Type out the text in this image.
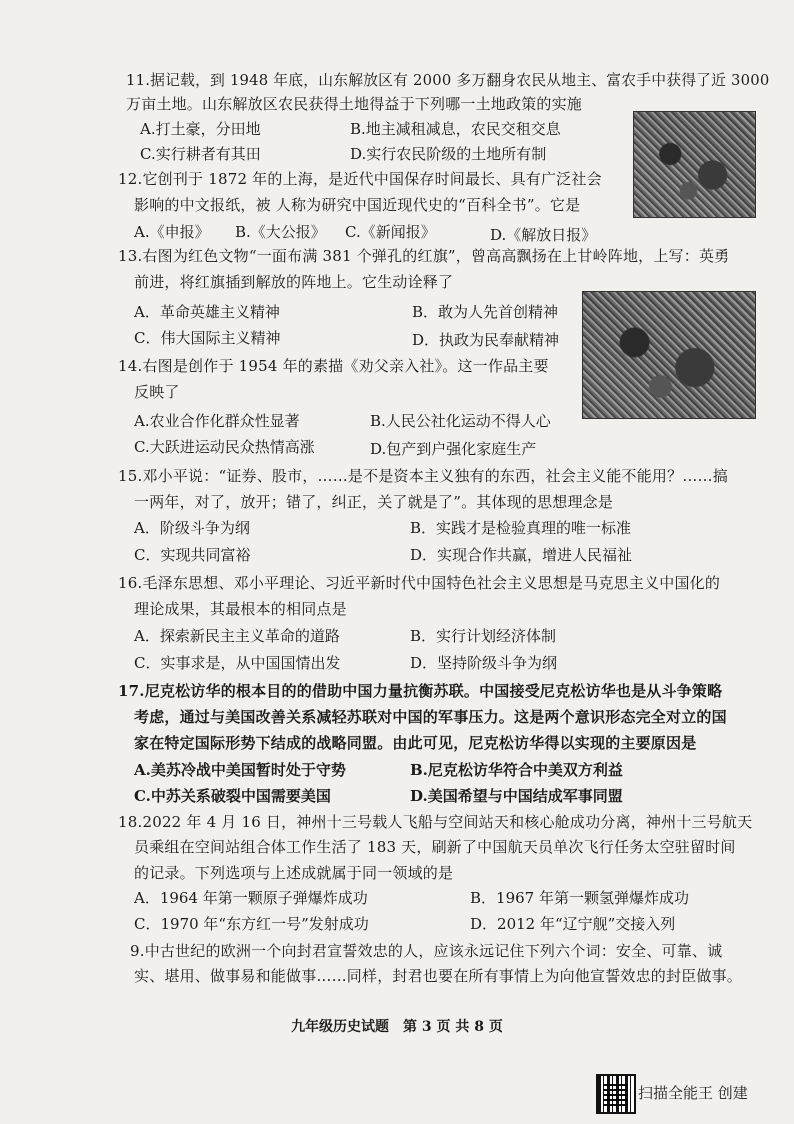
11.据记载，到 1948 年底，山东解放区有 2000 多万翻身农民从地主、富农手中获得了近 3000
万亩土地。山东解放区农民获得土地得益于下列哪一土地政策的实施
A.打土豪，分田地	B.地主减租减息，农民交租交息
C.实行耕者有其田	D.实行农民阶级的土地所有制
12.它创刊于 1872 年的上海，是近代中国保存时间最长、具有广泛社会
影响的中文报纸，被 人称为研究中国近现代史的“百科全书”。它是
A.《申报》 B.《大公报》 C.《新闻报》	D.《解放日报》
13.右图为红色文物“一面布满 381 个弹孔的红旗”，曾高高飘扬在上甘岭阵地，上写：英勇
前进，将红旗插到解放的阵地上。它生动诠释了
A．革命英雄主义精神	B．敢为人先首创精神
C．伟大国际主义精神	D．执政为民奉献精神
14.右图是创作于 1954 年的素描《劝父亲入社》。这一作品主要
反映了
A.农业合作化群众性显著	B.人民公社化运动不得人心
C.大跃进运动民众热情高涨	D.包产到户强化家庭生产
15.邓小平说：“证券、股市，……是不是资本主义独有的东西，社会主义能不能用？……搞
一两年，对了，放开；错了，纠正，关了就是了”。其体现的思想理念是
A．阶级斗争为纲	B．实践才是检验真理的唯一标准
C．实现共同富裕	D．实现合作共赢，增进人民福祉
16.毛泽东思想、邓小平理论、习近平新时代中国特色社会主义思想是马克思主义中国化的
理论成果，其最根本的相同点是
A．探索新民主主义革命的道路	B．实行计划经济体制
C．实事求是，从中国国情出发	D．坚持阶级斗争为纲
17.尼克松访华的根本目的的借助中国力量抗衡苏联。中国接受尼克松访华也是从斗争策略
考虑，通过与美国改善关系减轻苏联对中国的军事压力。这是两个意识形态完全对立的国
家在特定国际形势下结成的战略同盟。由此可见，尼克松访华得以实现的主要原因是
A.美苏冷战中美国暂时处于守势	B.尼克松访华符合中美双方利益
C.中苏关系破裂中国需要美国	D.美国希望与中国结成军事同盟
18.2022 年 4 月 16 日，神州十三号载人飞船与空间站天和核心舱成功分离，神州十三号航天
员乘组在空间站组合体工作生活了 183 天，刷新了中国航天员单次飞行任务太空驻留时间
的记录。下列选项与上述成就属于同一领域的是
A．1964 年第一颗原子弹爆炸成功	B．1967 年第一颗氢弹爆炸成功
C．1970 年“东方红一号”发射成功	D．2012 年“辽宁舰”交接入列
9.中古世纪的欧洲一个向封君宣誓效忠的人，应该永远记住下列六个词：安全、可靠、诚
实、堪用、做事易和能做事……同样，封君也要在所有事情上为向他宣誓效忠的封臣做事。
九年级历史试题　第 3 页 共 8 页
扫描全能王 创建
